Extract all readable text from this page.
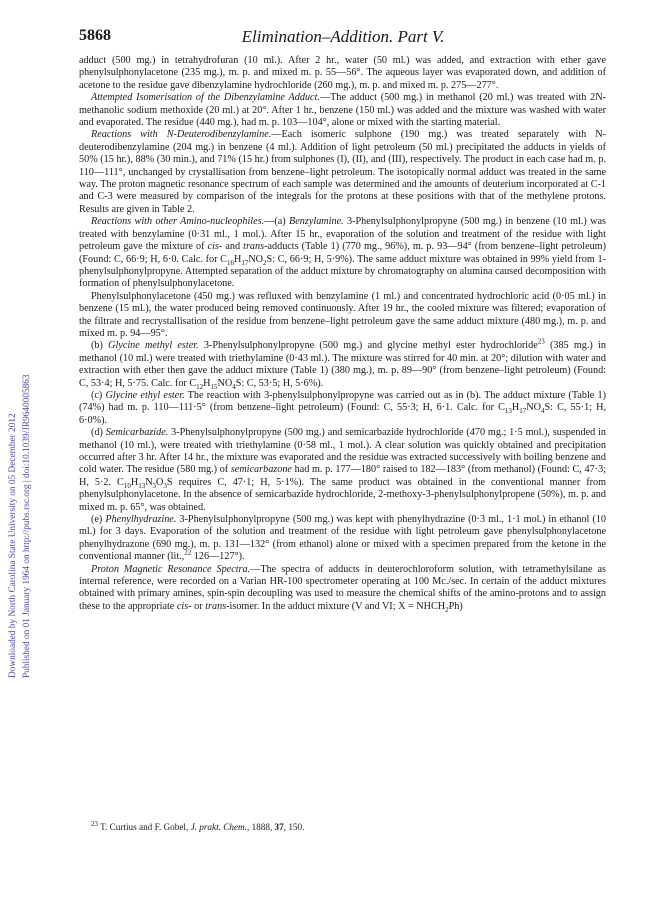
Downloaded by North Carolina State University on 05 December 2012 Published on 01 January 1964 on http://pubs.rsc.org | doi:10.1039/JR9640005863
5868	Elimination–Addition. Part V.

adduct (500 mg.) in tetrahydrofuran (10 ml.). After 2 hr., water (50 ml.) was added, and extraction with ether gave phenylsulphonylacetone (235 mg.), m. p. and mixed m. p. 55—56°. The aqueous layer was evaporated down, and addition of acetone to the residue gave dibenzylamine hydrochloride (260 mg.), m. p. and mixed m. p. 275—277°.

Attempted Isomerisation of the Dibenzylamine Adduct.—The adduct (500 mg.) in methanol (20 ml.) was treated with 2N-methanolic sodium methoxide (20 ml.) at 20°. After 1 hr., benzene (150 ml.) was added and the mixture was washed with water and evaporated. The residue (440 mg.), had m. p. 103—104°, alone or mixed with the starting material.

Reactions with N-Deuterodibenzylamine.—Each isomeric sulphone (190 mg.) was treated separately with N-deuterodibenzylamine (204 mg.) in benzene (4 ml.). Addition of light petroleum (50 ml.) precipitated the adducts in yields of 50% (15 hr.), 88% (30 min.), and 71% (15 hr.) from sulphones (I), (II), and (III), respectively. The product in each case had m. p. 110—111°, unchanged by crystallisation from benzene–light petroleum. The isotopically normal adduct was treated in the same way. The proton magnetic resonance spectrum of each sample was determined and the amounts of deuterium incorporated at C-1 and C-3 were measured by comparison of the integrals for the protons at these positions with that of the methylene protons. Results are given in Table 2.

Reactions with other Amino-nucleophiles.—(a) Benzylamine. 3-Phenylsulphonylpropyne (500 mg.) in benzene (10 ml.) was treated with benzylamine (0·31 ml., 1 mol.). After 15 hr., evaporation of the solution and treatment of the residue with light petroleum gave the mixture of cis- and trans-adducts (Table 1) (770 mg., 96%), m. p. 93—94° (from benzene–light petroleum) (Found: C, 66·9; H, 6·0. Calc. for $C_{16}H_{17}NO_2S$: C, 66·9; H, 5·9%). The same adduct mixture was obtained in 99% yield from 1-phenylsulphonylpropyne. Attempted separation of the adduct mixture by chromatography on alumina caused decomposition with formation of phenylsulphonylacetone.

Phenylsulphonylacetone (450 mg.) was refluxed with benzylamine (1 ml.) and concentrated hydrochloric acid (0·05 ml.) in benzene (15 ml.), the water produced being removed continuously. After 19 hr., the cooled mixture was filtered; evaporation of the filtrate and recrystallisation of the residue from benzene–light petroleum gave the same adduct mixture (480 mg.), m. p. and mixed m. p. 94—95°.

(b) Glycine methyl ester. 3-Phenylsulphonylpropyne (500 mg.) and glycine methyl ester hydrochloride$^{23}$ (385 mg.) in methanol (10 ml.) were treated with triethylamine (0·43 ml.). The mixture was stirred for 40 min. at 20°; dilution with water and extraction with ether then gave the adduct mixture (Table 1) (380 mg.), m. p. 89—90° (from benzene–light petroleum) (Found: C, 53·4; H, 5·75. Calc. for $C_{12}H_{15}NO_4S$: C, 53·5; H, 5·6%).

(c) Glycine ethyl ester. The reaction with 3-phenylsulphonylpropyne was carried out as in (b). The adduct mixture (Table 1) (74%) had m. p. 110—111·5° (from benzene–light petroleum) (Found: C, 55·3; H, 6·1. Calc. for $C_{13}H_{17}NO_4S$: C, 55·1; H, 6·0%).

(d) Semicarbazide. 3-Phenylsulphonylpropyne (500 mg.) and semicarbazide hydrochloride (470 mg.; 1·5 mol.), suspended in methanol (10 ml.), were treated with triethylamine (0·58 ml., 1 mol.). A clear solution was quickly obtained and precipitation occurred after 3 hr. After 14 hr., the mixture was evaporated and the residue was extracted successively with boiling benzene and cold water. The residue (580 mg.) of semicarbazone had m. p. 177—180° raised to 182—183° (from methanol) (Found: C, 47·3; H, 5·2. $C_{10}H_{13}N_3O_3S$ requires C, 47·1; H, 5·1%). The same product was obtained in the conventional manner from phenylsulphonylacetone. In the absence of semicarbazide hydrochloride, 2-methoxy-3-phenylsulphonylpropene (50%), m. p. and mixed m. p. 65°, was obtained.

(e) Phenylhydrazine. 3-Phenylsulphonylpropyne (500 mg.) was kept with phenylhydrazine (0·3 ml., 1·1 mol.) in ethanol (10 ml.) for 3 days. Evaporation of the solution and treatment of the residue with light petroleum gave phenylsulphonylacetone phenylhydrazone (690 mg.), m. p. 131—132° (from ethanol) alone or mixed with a specimen prepared from the ketone in the conventional manner (lit.,$^{22}$ 126—127°).

Proton Magnetic Resonance Spectra.—The spectra of adducts in deuterochloroform solution, with tetramethylsilane as internal reference, were recorded on a Varian HR-100 spectrometer operating at 100 Mc./sec. In certain of the adduct mixtures obtained with primary amines, spin-spin decoupling was used to measure the chemical shifts of the amino-protons and to assign these to the appropriate cis- or trans-isomer. In the adduct mixture (V and VI; $X = NHCH_2Ph$)

$^{23}$ T. Curtius and F. Gobel, J. prakt. Chem., 1888, 37, 150.
